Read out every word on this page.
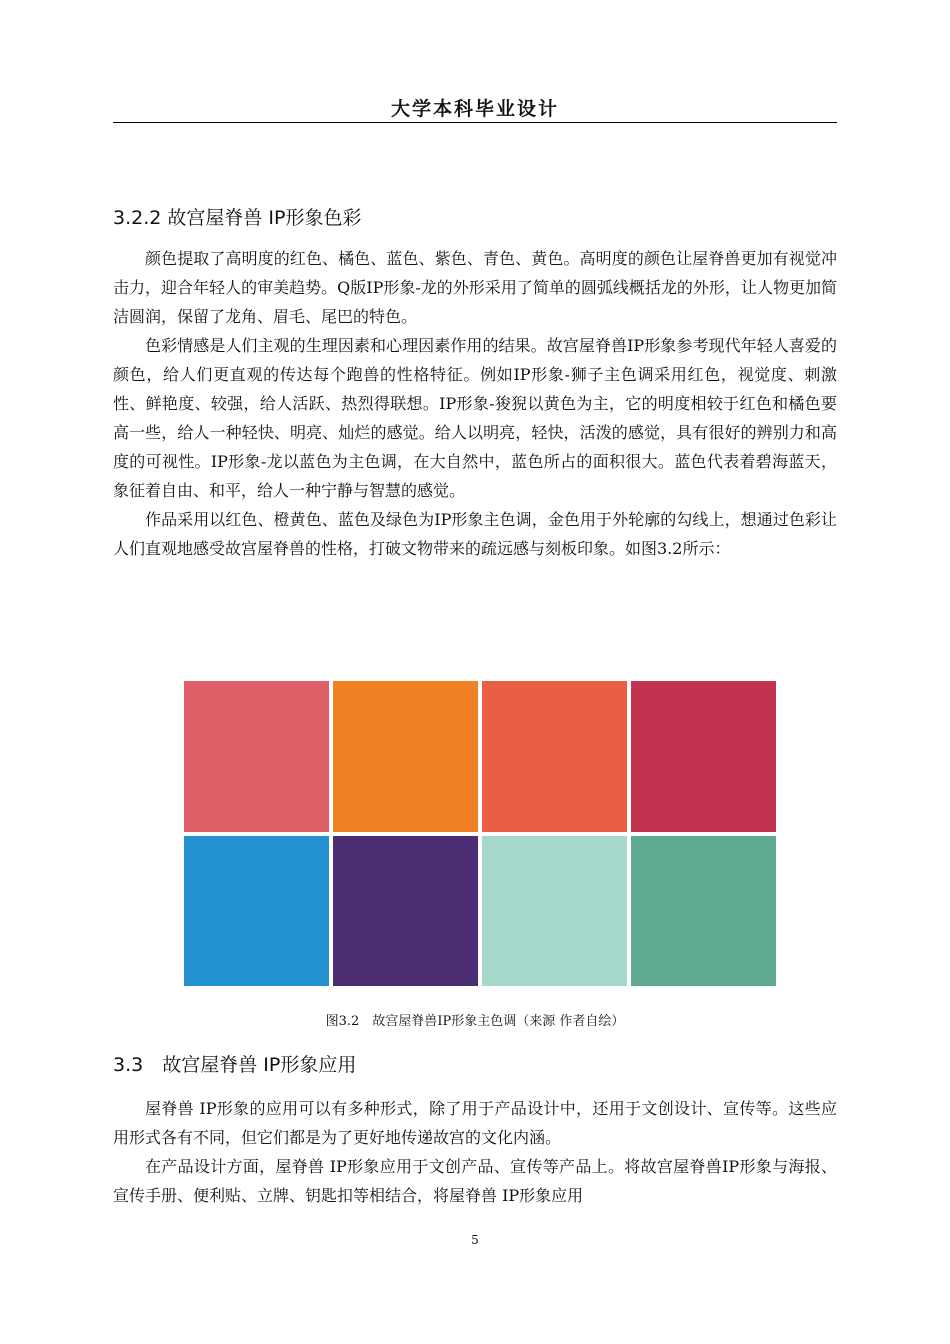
大学本科毕业设计
3.2.2 故宫屋脊兽 IP形象色彩

颜色提取了高明度的红色、橘色、蓝色、紫色、青色、黄色。高明度的颜色让屋脊兽更加有视觉冲击力，迎合年轻人的审美趋势。Q版IP形象-龙的外形采用了简单的圆弧线概括龙的外形，让人物更加简洁圆润，保留了龙角、眉毛、尾巴的特色。

色彩情感是人们主观的生理因素和心理因素作用的结果。故宫屋脊兽IP形象参考现代年轻人喜爱的颜色，给人们更直观的传达每个跑兽的性格特征。例如IP形象-狮子主色调采用红色，视觉度、刺激性、鲜艳度、较强，给人活跃、热烈得联想。IP形象-狻猊以黄色为主，它的明度相较于红色和橘色要高一些，给人一种轻快、明亮、灿烂的感觉。给人以明亮，轻快，活泼的感觉，具有很好的辨别力和高度的可视性。IP形象-龙以蓝色为主色调，在大自然中，蓝色所占的面积很大。蓝色代表着碧海蓝天，象征着自由、和平，给人一种宁静与智慧的感觉。

作品采用以红色、橙黄色、蓝色及绿色为IP形象主色调，金色用于外轮廓的勾线上，想通过色彩让人们直观地感受故宫屋脊兽的性格，打破文物带来的疏远感与刻板印象。如图3.2所示：

图3.2　故宫屋脊兽IP形象主色调（来源 作者自绘）
3.3　故宫屋脊兽 IP形象应用

屋脊兽 IP形象的应用可以有多种形式，除了用于产品设计中，还用于文创设计、宣传等。这些应用形式各有不同，但它们都是为了更好地传递故宫的文化内涵。

在产品设计方面，屋脊兽 IP形象应用于文创产品、宣传等产品上。将故宫屋脊兽IP形象与海报、宣传手册、便利贴、立牌、钥匙扣等相结合，将屋脊兽 IP形象应用

5
